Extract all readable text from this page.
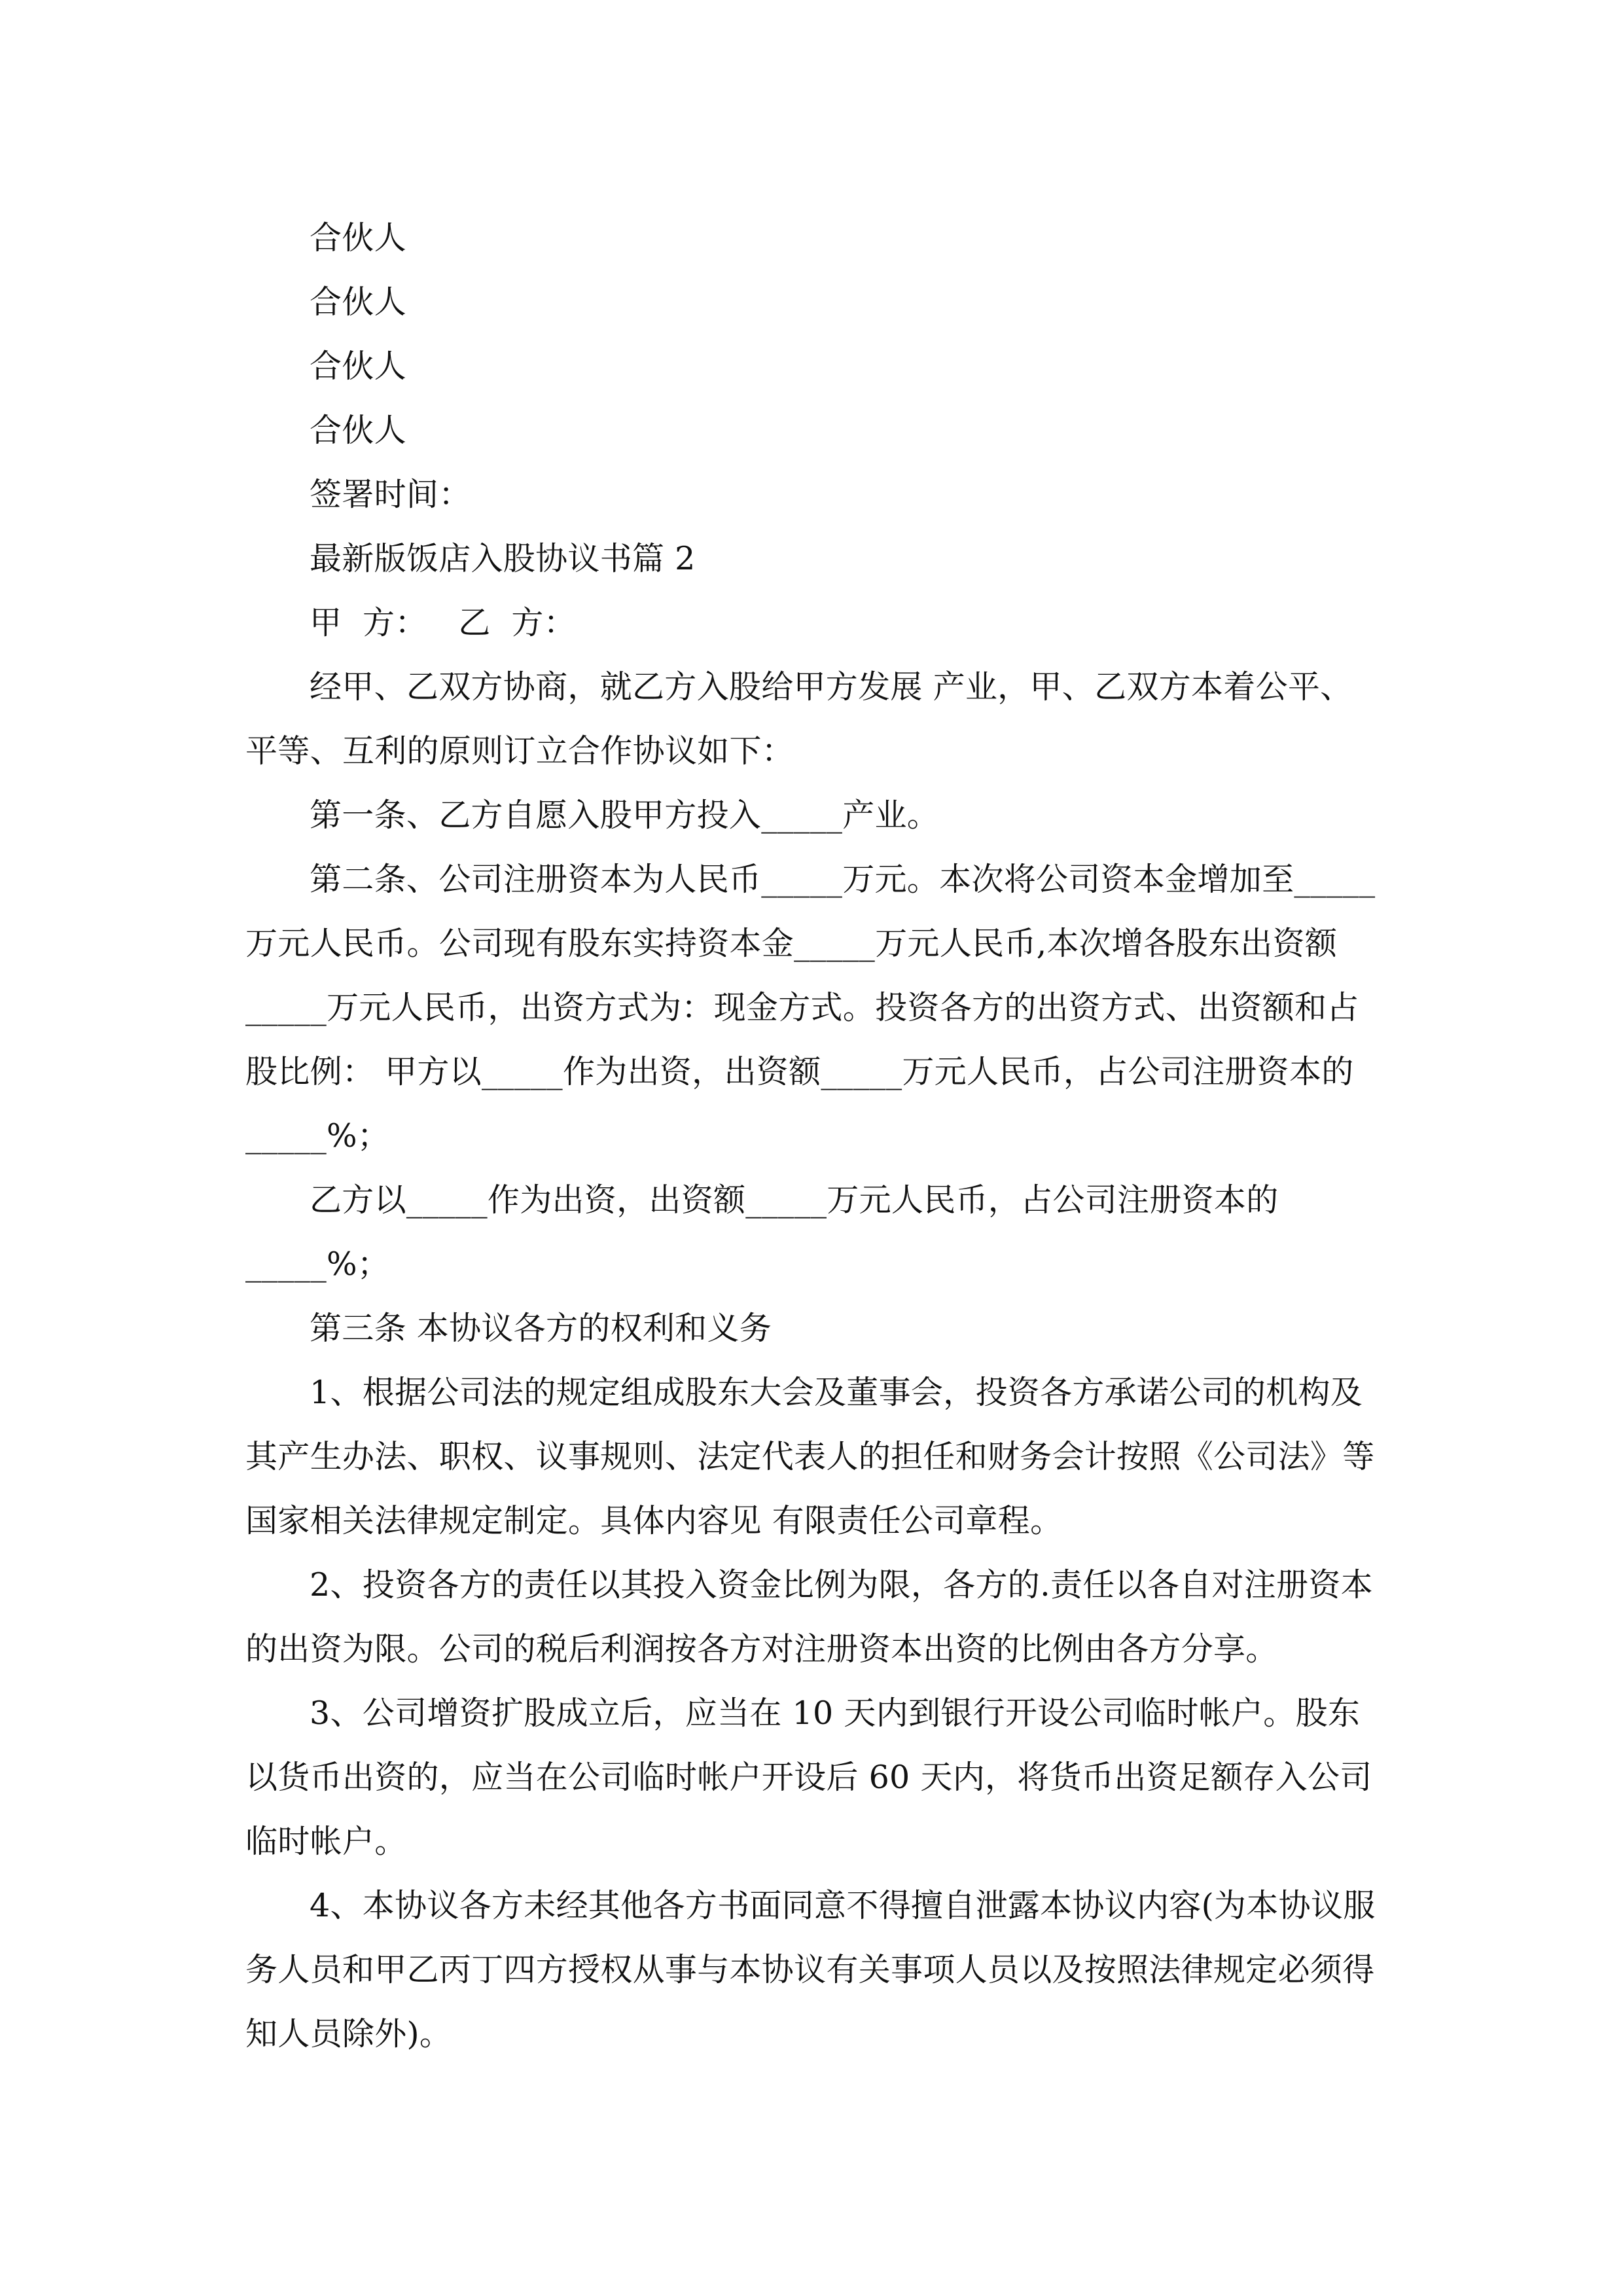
合伙人

合伙人

合伙人

合伙人

签署时间：

最新版饭店入股协议书篇 2

甲  方：   乙  方：

经甲、乙双方协商，就乙方入股给甲方发展 产业，甲、乙双方本着公平、平等、互利的原则订立合作协议如下：

第一条、乙方自愿入股甲方投入_____产业。

第二条、公司注册资本为人民币_____万元。本次将公司资本金增加至_____万元人民币。公司现有股东实持资本金_____万元人民币,本次增各股东出资额_____万元人民币，出资方式为：现金方式。投资各方的出资方式、出资额和占股比例： 甲方以_____作为出资，出资额_____万元人民币，占公司注册资本的_____%；

乙方以_____作为出资，出资额_____万元人民币，占公司注册资本的_____%；

第三条 本协议各方的权利和义务

1、根据公司法的规定组成股东大会及董事会，投资各方承诺公司的机构及其产生办法、职权、议事规则、法定代表人的担任和财务会计按照《公司法》等国家相关法律规定制定。具体内容见 有限责任公司章程。

2、投资各方的责任以其投入资金比例为限，各方的.责任以各自对注册资本的出资为限。公司的税后利润按各方对注册资本出资的比例由各方分享。

3、公司增资扩股成立后，应当在 10 天内到银行开设公司临时帐户。股东以货币出资的，应当在公司临时帐户开设后 60 天内，将货币出资足额存入公司临时帐户。

4、本协议各方未经其他各方书面同意不得擅自泄露本协议内容(为本协议服务人员和甲乙丙丁四方授权从事与本协议有关事项人员以及按照法律规定必须得知人员除外)。
